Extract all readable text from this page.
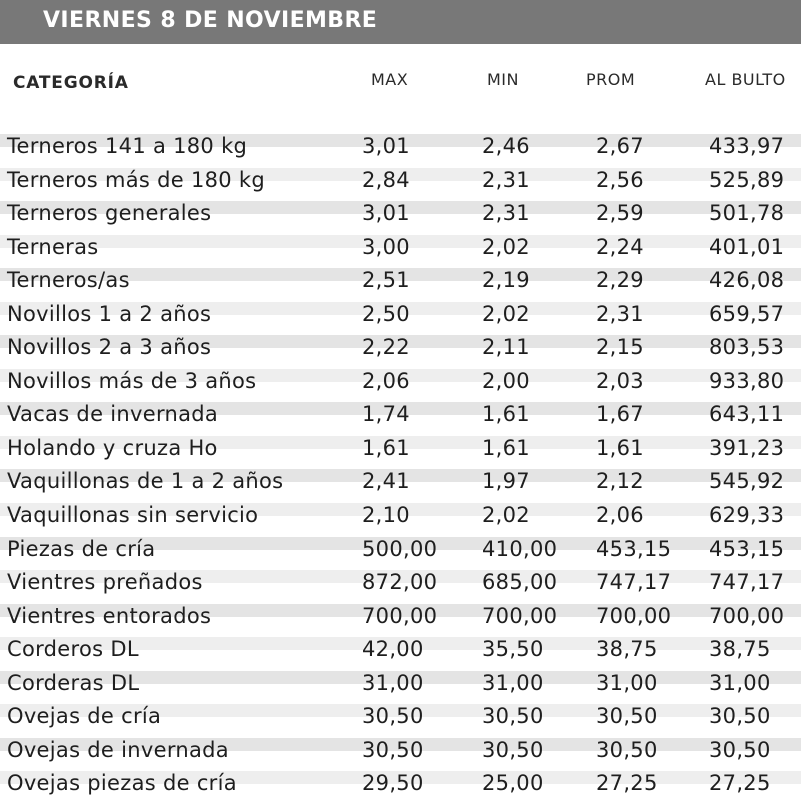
VIERNES 8 DE NOVIEMBRE
CATEGORÍA	MAX	MIN	PROM	AL BULTO
Terneros 141 a 180 kg	3,01	2,46	2,67	433,97
Terneros más de 180 kg	2,84	2,31	2,56	525,89
Terneros generales	3,01	2,31	2,59	501,78
Terneras	3,00	2,02	2,24	401,01
Terneros/as	2,51	2,19	2,29	426,08
Novillos 1 a 2 años	2,50	2,02	2,31	659,57
Novillos 2 a 3 años	2,22	2,11	2,15	803,53
Novillos más de 3 años	2,06	2,00	2,03	933,80
Vacas de invernada	1,74	1,61	1,67	643,11
Holando y cruza Ho	1,61	1,61	1,61	391,23
Vaquillonas de 1 a 2 años	2,41	1,97	2,12	545,92
Vaquillonas sin servicio	2,10	2,02	2,06	629,33
Piezas de cría	500,00 410,00 453,15 453,15
Vientres preñados	872,00 685,00 747,17 747,17
Vientres entorados	700,00 700,00 700,00 700,00
Corderos DL	42,00	35,50 38,75 38,75
Corderas DL	31,00	31,00 31,00 31,00
Ovejas de cría	30,50	30,50 30,50 30,50
Ovejas de invernada	30,50	30,50 30,50 30,50
Ovejas piezas de cría	29,50	25,00 27,25 27,25
